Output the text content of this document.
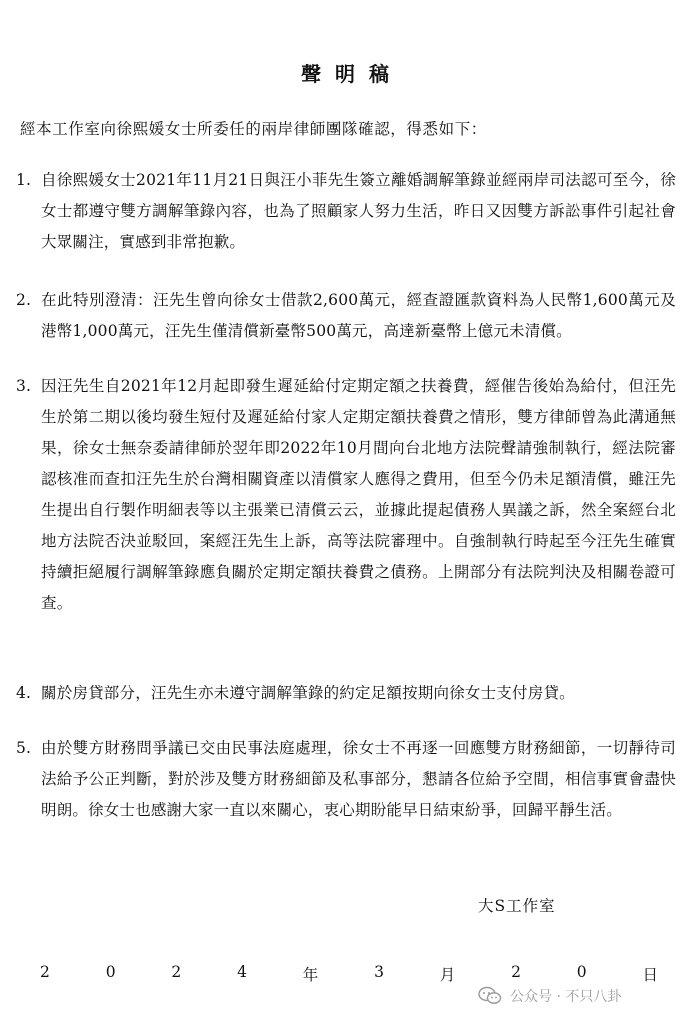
聲明稿
經本工作室向徐熙媛女士所委任的兩岸律師團隊確認，得悉如下：
1. 自徐熙媛女士2021年11月21日與汪小菲先生簽立離婚調解筆錄並經兩岸司法認可至今，徐女士都遵守雙方調解筆錄內容，也為了照顧家人努力生活，昨日又因雙方訴訟事件引起社會大眾關注，實感到非常抱歉。
2. 在此特別澄清：汪先生曾向徐女士借款2,600萬元，經查證匯款資料為人民幣1,600萬元及港幣1,000萬元，汪先生僅清償新臺幣500萬元，高達新臺幣上億元未清償。
3. 因汪先生自2021年12月起即發生遲延給付定期定額之扶養費，經催告後始為給付，但汪先生於第二期以後均發生短付及遲延給付家人定期定額扶養費之情形，雙方律師曾為此溝通無果，徐女士無奈委請律師於翌年即2022年10月間向台北地方法院聲請強制執行，經法院審認核准而查扣汪先生於台灣相關資產以清償家人應得之費用，但至今仍未足額清償，雖汪先生提出自行製作明細表等以主張業已清償云云，並據此提起債務人異議之訴，然全案經台北地方法院否決並駁回，案經汪先生上訴，高等法院審理中。自強制執行時起至今汪先生確實持續拒絕履行調解筆錄應負關於定期定額扶養費之債務。上開部分有法院判決及相關卷證可查。
4. 關於房貸部分，汪先生亦未遵守調解筆錄的約定足額按期向徐女士支付房貸。
5. 由於雙方財務問爭議已交由民事法庭處理，徐女士不再逐一回應雙方財務細節，一切靜待司法給予公正判斷，對於涉及雙方財務細節及私事部分，懇請各位給予空間，相信事實會盡快明朗。徐女士也感謝大家一直以來關心，衷心期盼能早日結束紛爭，回歸平靜生活。
大S工作室
2	0	2	4	年	3	月	2	0	日
公众号 · 不只八卦
